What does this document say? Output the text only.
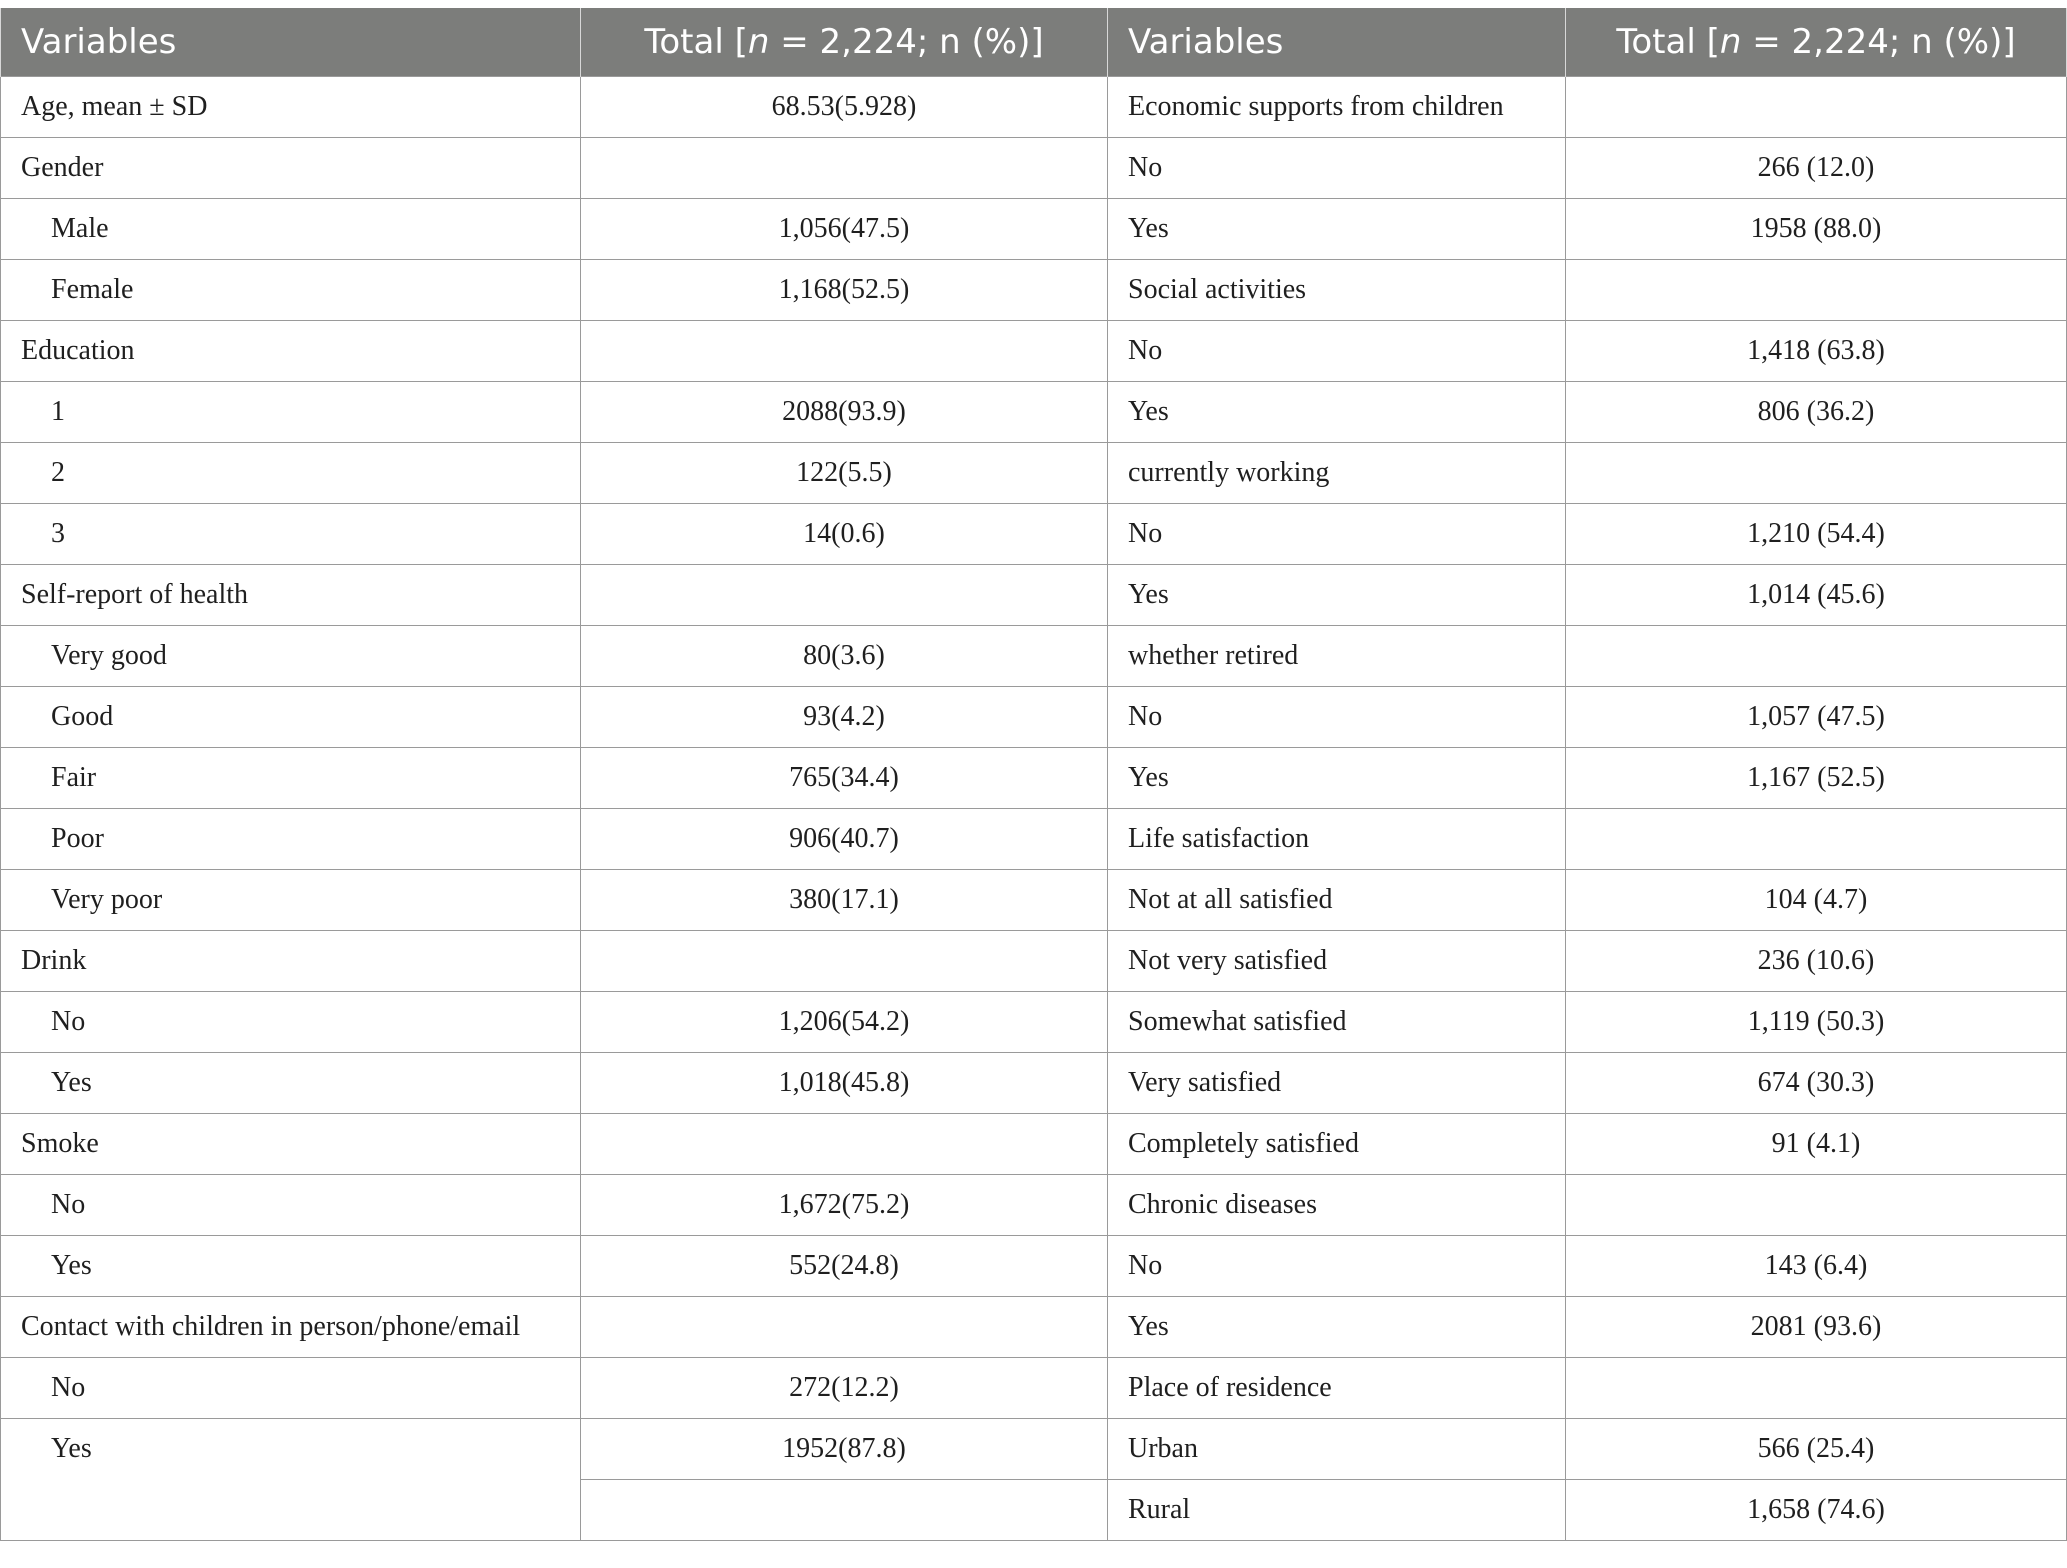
Variables	Total [n = 2,224; n (%)]	Variables	Total [n = 2,224; n (%)]
Age, mean ± SD	68.53(5.928)	Economic supports from children	
Gender		No	266 (12.0)
Male	1,056(47.5)	Yes	1958 (88.0)
Female	1,168(52.5)	Social activities	
Education		No	1,418 (63.8)
1	2088(93.9)	Yes	806 (36.2)
2	122(5.5)	currently working	
3	14(0.6)	No	1,210 (54.4)
Self-report of health		Yes	1,014 (45.6)
Very good	80(3.6)	whether retired	
Good	93(4.2)	No	1,057 (47.5)
Fair	765(34.4)	Yes	1,167 (52.5)
Poor	906(40.7)	Life satisfaction	
Very poor	380(17.1)	Not at all satisfied	104 (4.7)
Drink		Not very satisfied	236 (10.6)
No	1,206(54.2)	Somewhat satisfied	1,119 (50.3)
Yes	1,018(45.8)	Very satisfied	674 (30.3)
Smoke		Completely satisfied	91 (4.1)
No	1,672(75.2)	Chronic diseases	
Yes	552(24.8)	No	143 (6.4)
Contact with children in person/phone/email		Yes	2081 (93.6)
No	272(12.2)	Place of residence	
Yes	1952(87.8)	Urban	566 (25.4)
		Rural	1,658 (74.6)
